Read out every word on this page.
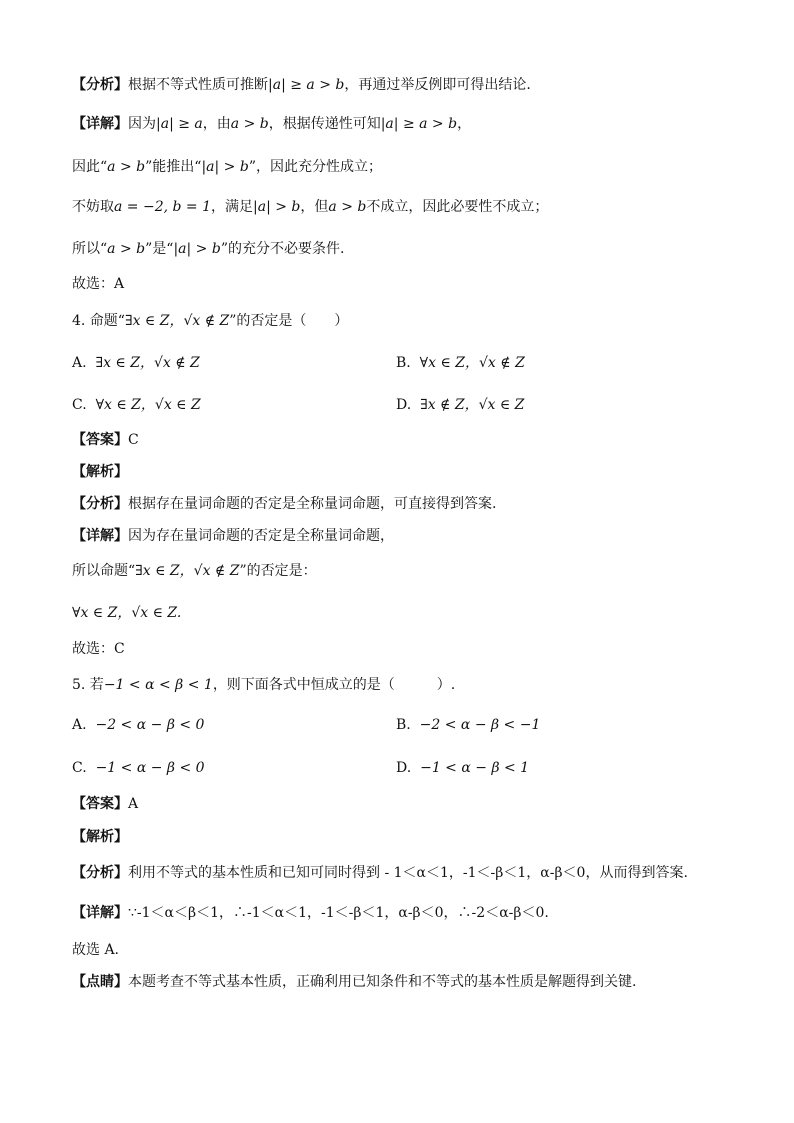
【分析】根据不等式性质可推断|a| ≥ a > b，再通过举反例即可得出结论.
【详解】因为|a| ≥ a，由a > b，根据传递性可知|a| ≥ a > b，
因此“a > b”能推出“|a| > b”，因此充分性成立；
不妨取a = −2, b = 1，满足|a| > b，但a > b不成立，因此必要性不成立；
所以“a > b”是“|a| > b”的充分不必要条件.
故选：A
4. 命题“∃x ∈ Z，√x ∉ Z”的否定是（　　）
A. ∃x ∈ Z，√x ∉ Z	B. ∀x ∈ Z，√x ∉ Z
C. ∀x ∈ Z，√x ∈ Z	D. ∃x ∉ Z，√x ∈ Z
【答案】C
【解析】
【分析】根据存在量词命题的否定是全称量词命题，可直接得到答案.
【详解】因为存在量词命题的否定是全称量词命题，
所以命题“∃x ∈ Z，√x ∉ Z”的否定是：
∀x ∈ Z，√x ∈ Z.
故选：C
5. 若−1 < α < β < 1，则下面各式中恒成立的是（　　　）.
A. −2 < α − β < 0	B. −2 < α − β < −1
C. −1 < α − β < 0	D. −1 < α − β < 1
【答案】A
【解析】
【分析】利用不等式的基本性质和已知可同时得到 - 1＜α＜1，-1＜-β＜1，α-β＜0，从而得到答案.
【详解】∵-1＜α＜β＜1，∴-1＜α＜1，-1＜-β＜1，α-β＜0，∴-2＜α-β＜0.
故选 A.
【点睛】本题考查不等式基本性质，正确利用已知条件和不等式的基本性质是解题得到关键.
